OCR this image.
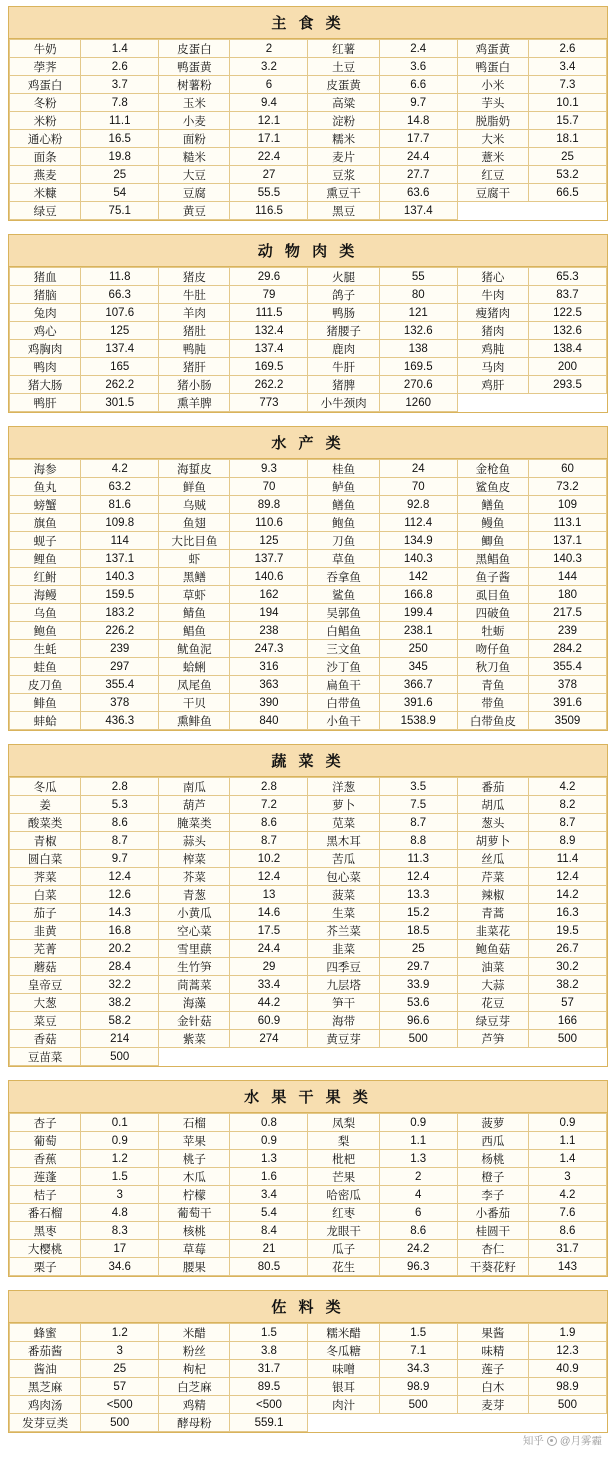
主 食 类
牛奶	1.4	皮蛋白	2	红薯	2.4	鸡蛋黄	2.6
荸荠	2.6	鸭蛋黄	3.2	土豆	3.6	鸭蛋白	3.4
鸡蛋白	3.7	树薯粉	6	皮蛋黄	6.6	小米	7.3
冬粉	7.8	玉米	9.4	高粱	9.7	芋头	10.1
米粉	11.1	小麦	12.1	淀粉	14.8	脱脂奶	15.7
通心粉	16.5	面粉	17.1	糯米	17.7	大米	18.1
面条	19.8	糙米	22.4	麦片	24.4	薏米	25
燕麦	25	大豆	27	豆浆	27.7	红豆	53.2
米糠	54	豆腐	55.5	熏豆干	63.6	豆腐干	66.5
绿豆	75.1	黄豆	116.5	黑豆	137.4		
动 物 肉 类
猪血	11.8	猪皮	29.6	火腿	55	猪心	65.3
猪脑	66.3	牛肚	79	鸽子	80	牛肉	83.7
兔肉	107.6	羊肉	111.5	鸭肠	121	瘦猪肉	122.5
鸡心	125	猪肚	132.4	猪腰子	132.6	猪肉	132.6
鸡胸肉	137.4	鸭肫	137.4	鹿肉	138	鸡肫	138.4
鸭肉	165	猪肝	169.5	牛肝	169.5	马肉	200
猪大肠	262.2	猪小肠	262.2	猪脾	270.6	鸡肝	293.5
鸭肝	301.5	熏羊脾	773	小牛颈肉	1260		
水 产 类
海参	4.2	海蜇皮	9.3	桂鱼	24	金枪鱼	60
鱼丸	63.2	鲜鱼	70	鲈鱼	70	鲨鱼皮	73.2
螃蟹	81.6	乌贼	89.8	鳝鱼	92.8	鳝鱼	109
旗鱼	109.8	鱼翅	110.6	鲍鱼	112.4	鳗鱼	113.1
蚬子	114	大比目鱼	125	刀鱼	134.9	鲫鱼	137.1
鲤鱼	137.1	虾	137.7	草鱼	140.3	黑鲳鱼	140.3
红鲋	140.3	黑鳝	140.6	吞拿鱼	142	鱼子酱	144
海鳗	159.5	草虾	162	鲨鱼	166.8	虱目鱼	180
乌鱼	183.2	鲭鱼	194	吴郭鱼	199.4	四破鱼	217.5
鲍鱼	226.2	鲳鱼	238	白鲳鱼	238.1	牡蛎	239
生蚝	239	鱿鱼泥	247.3	三文鱼	250	吻仔鱼	284.2
蛙鱼	297	蛤蜊	316	沙丁鱼	345	秋刀鱼	355.4
皮刀鱼	355.4	凤尾鱼	363	扁鱼干	366.7	青鱼	378
鲱鱼	378	干贝	390	白带鱼	391.6	带鱼	391.6
蚌蛤	436.3	熏鲱鱼	840	小鱼干	1538.9	白带鱼皮	3509
蔬 菜 类
冬瓜	2.8	南瓜	2.8	洋葱	3.5	番茄	4.2
姜	5.3	葫芦	7.2	萝卜	7.5	胡瓜	8.2
酸菜类	8.6	腌菜类	8.6	苋菜	8.7	葱头	8.7
青椒	8.7	蒜头	8.7	黑木耳	8.8	胡萝卜	8.9
圆白菜	9.7	榨菜	10.2	苦瓜	11.3	丝瓜	11.4
荠菜	12.4	芥菜	12.4	包心菜	12.4	芹菜	12.4
白菜	12.6	青葱	13	菠菜	13.3	辣椒	14.2
茄子	14.3	小黄瓜	14.6	生菜	15.2	青蒿	16.3
韭黄	16.8	空心菜	17.5	芥兰菜	18.5	韭菜花	19.5
芜菁	20.2	雪里蕻	24.4	韭菜	25	鲍鱼菇	26.7
蘑菇	28.4	生竹笋	29	四季豆	29.7	油菜	30.2
皇帝豆	32.2	茼蒿菜	33.4	九层塔	33.9	大蒜	38.2
大葱	38.2	海藻	44.2	笋干	53.6	花豆	57
菜豆	58.2	金针菇	60.9	海带	96.6	绿豆芽	166
香菇	214	紫菜	274	黄豆芽	500	芦笋	500
豆苗菜	500						
水 果 干 果 类
杏子	0.1	石榴	0.8	凤梨	0.9	菠萝	0.9
葡萄	0.9	苹果	0.9	梨	1.1	西瓜	1.1
香蕉	1.2	桃子	1.3	枇杷	1.3	杨桃	1.4
莲蓬	1.5	木瓜	1.6	芒果	2	橙子	3
桔子	3	柠檬	3.4	哈密瓜	4	李子	4.2
番石榴	4.8	葡萄干	5.4	红枣	6	小番茄	7.6
黑枣	8.3	核桃	8.4	龙眼干	8.6	桂圆干	8.6
大樱桃	17	草莓	21	瓜子	24.2	杏仁	31.7
栗子	34.6	腰果	80.5	花生	96.3	干葵花籽	143
佐 料 类
蜂蜜	1.2	米醋	1.5	糯米醋	1.5	果酱	1.9
番茄酱	3	粉丝	3.8	冬瓜糖	7.1	味精	12.3
酱油	25	枸杞	31.7	味噌	34.3	莲子	40.9
黑芝麻	57	白芝麻	89.5	银耳	98.9	白木	98.9
鸡肉汤	<500	鸡精	<500	肉汁	500	麦芽	500
发芽豆类	500	酵母粉	559.1				
知乎 @月雾霾
